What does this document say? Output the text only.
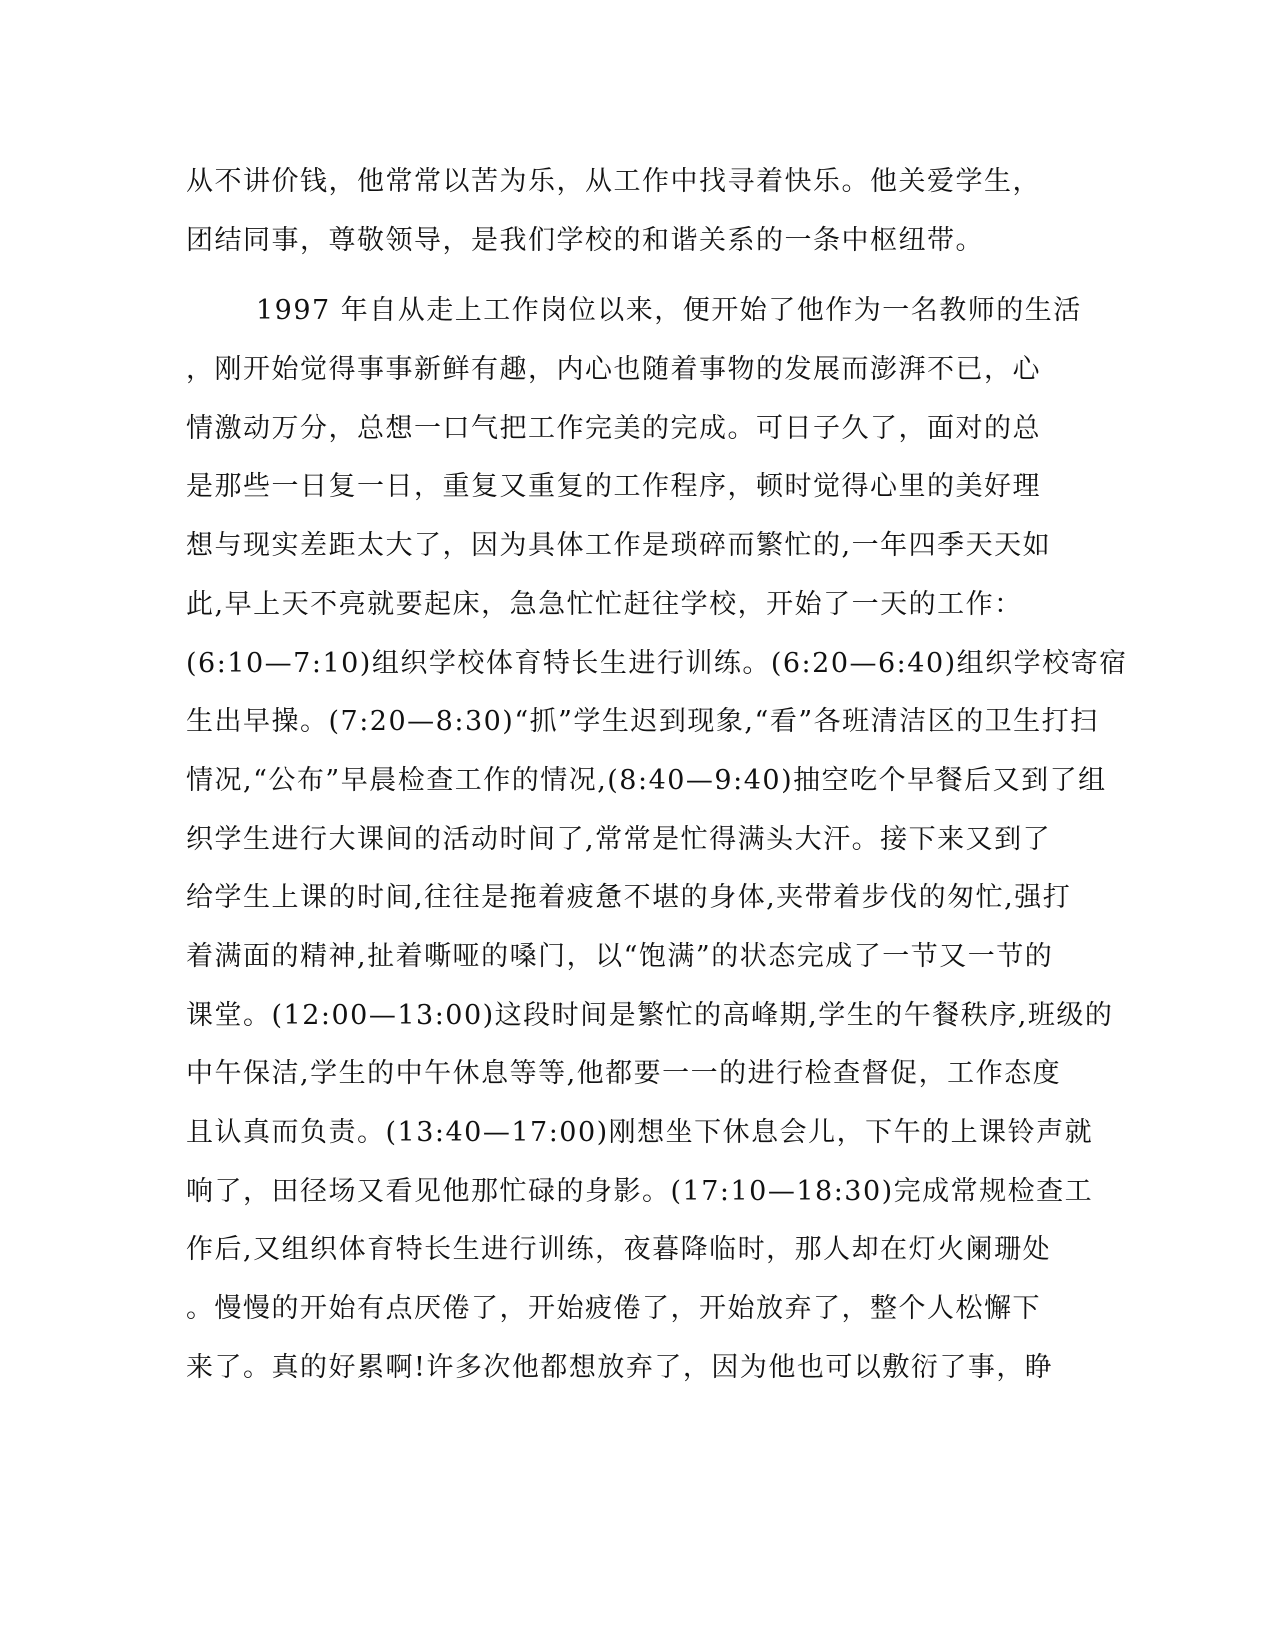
从不讲价钱，他常常以苦为乐，从工作中找寻着快乐。他关爱学生，
团结同事，尊敬领导，是我们学校的和谐关系的一条中枢纽带。
1997 年自从走上工作岗位以来，便开始了他作为一名教师的生活
，刚开始觉得事事新鲜有趣，内心也随着事物的发展而澎湃不已，心
情激动万分，总想一口气把工作完美的完成。可日子久了，面对的总
是那些一日复一日，重复又重复的工作程序，顿时觉得心里的美好理
想与现实差距太大了，因为具体工作是琐碎而繁忙的,一年四季天天如
此,早上天不亮就要起床，急急忙忙赶往学校，开始了一天的工作：
(6:10—7:10)组织学校体育特长生进行训练。(6:20—6:40)组织学校寄宿
生出早操。(7:20—8:30)“抓”学生迟到现象,“看”各班清洁区的卫生打扫
情况,“公布”早晨检查工作的情况,(8:40—9:40)抽空吃个早餐后又到了组
织学生进行大课间的活动时间了,常常是忙得满头大汗。接下来又到了
给学生上课的时间,往往是拖着疲惫不堪的身体,夹带着步伐的匆忙,强打
着满面的精神,扯着嘶哑的嗓门，以“饱满”的状态完成了一节又一节的
课堂。(12:00—13:00)这段时间是繁忙的高峰期,学生的午餐秩序,班级的
中午保洁,学生的中午休息等等,他都要一一的进行检查督促，工作态度
且认真而负责。(13:40—17:00)刚想坐下休息会儿，下午的上课铃声就
响了，田径场又看见他那忙碌的身影。(17:10—18:30)完成常规检查工
作后,又组织体育特长生进行训练，夜暮降临时，那人却在灯火阑珊处
。慢慢的开始有点厌倦了，开始疲倦了，开始放弃了，整个人松懈下
来了。真的好累啊!许多次他都想放弃了，因为他也可以敷衍了事，睁
